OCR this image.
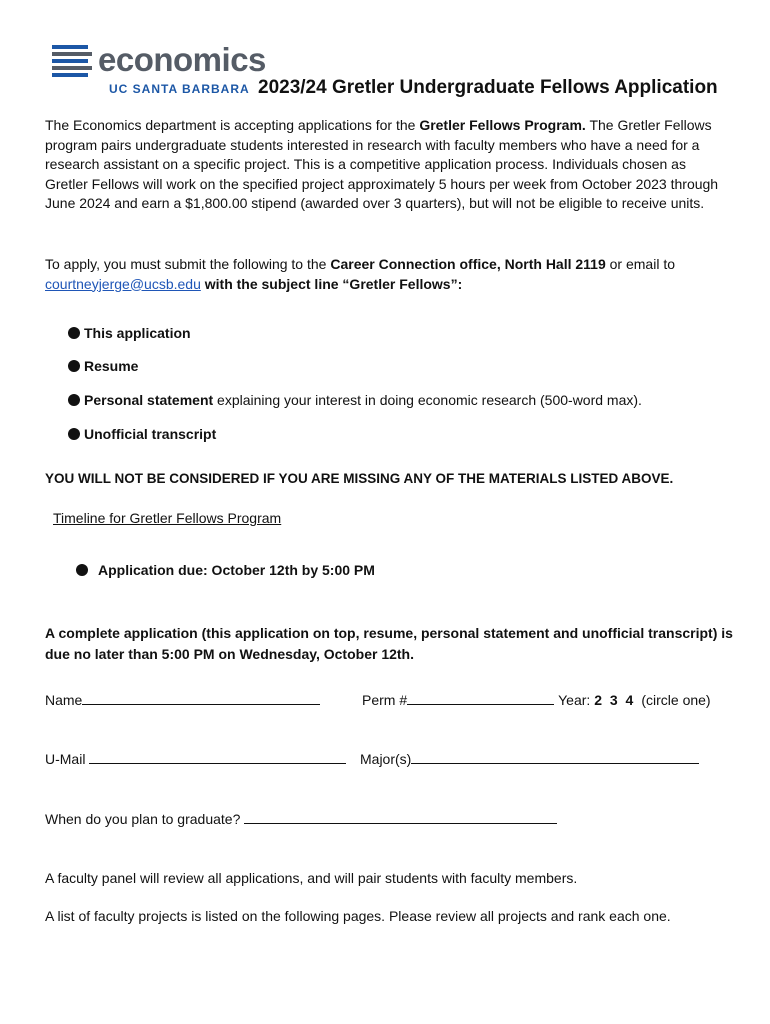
economics
UC SANTA BARBARA 2023/24 Gretler Undergraduate Fellows Application
The Economics department is accepting applications for the Gretler Fellows Program. The Gretler Fellows program pairs undergraduate students interested in research with faculty members who have a need for a research assistant on a specific project. This is a competitive application process. Individuals chosen as Gretler Fellows will work on the specified project approximately 5 hours per week from October 2023 through June 2024 and earn a $1,800.00 stipend (awarded over 3 quarters), but will not be eligible to receive units.
To apply, you must submit the following to the Career Connection office, North Hall 2119 or email to
courtneyjerge@ucsb.edu with the subject line “Gretler Fellows”:
This application
Resume
Personal statement explaining your interest in doing economic research (500-word max).
Unofficial transcript
YOU WILL NOT BE CONSIDERED IF YOU ARE MISSING ANY OF THE MATERIALS LISTED ABOVE.
Timeline for Gretler Fellows Program
Application due: October 12th by 5:00 PM
A complete application (this application on top, resume, personal statement and unofficial transcript) is due no later than 5:00 PM on Wednesday, October 12th.
Name	Perm #	Year: 2 3 4 (circle one)
U-Mail	Major(s)
When do you plan to graduate?
A faculty panel will review all applications, and will pair students with faculty members.
A list of faculty projects is listed on the following pages. Please review all projects and rank each one.
